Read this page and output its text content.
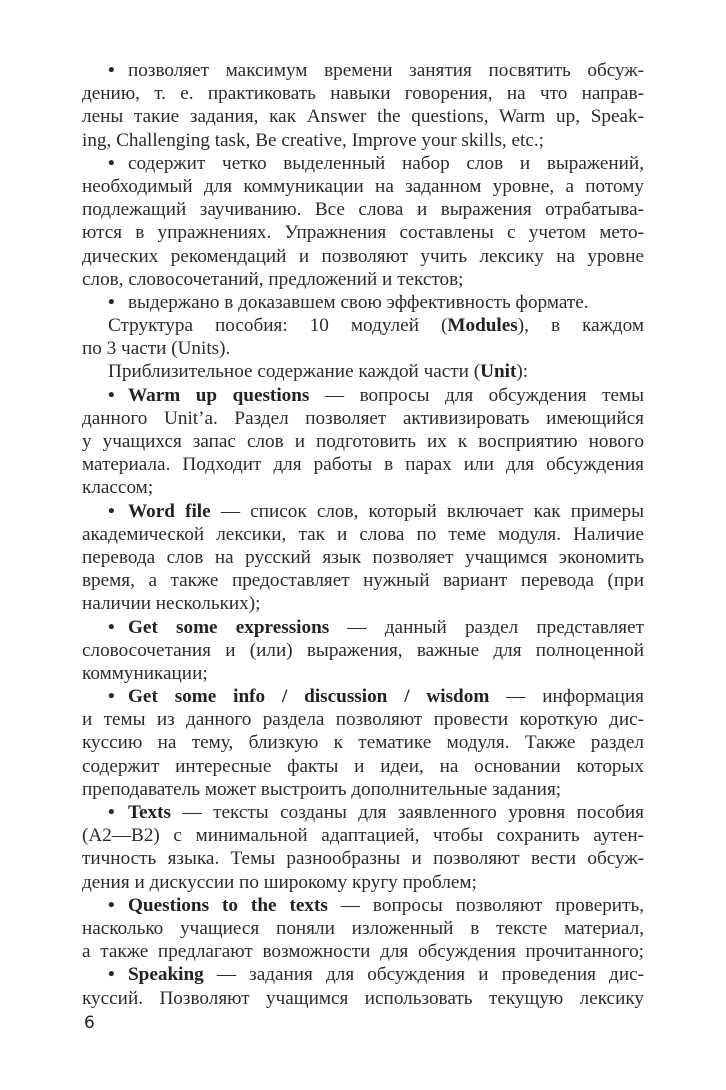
• позволяет максимум времени занятия посвятить обсуж-
дению, т. е. практиковать навыки говорения, на что направ-
лены такие задания, как Answer the questions, Warm up, Speak-
ing, Challenging task, Be creative, Improve your skills, etc.;
• содержит четко выделенный набор слов и выражений,
необходимый для коммуникации на заданном уровне, а потому
подлежащий заучиванию. Все слова и выражения отрабатыва-
ются в упражнениях. Упражнения составлены с учетом мето-
дических рекомендаций и позволяют учить лексику на уровне
слов, словосочетаний, предложений и текстов;
• выдержано в доказавшем свою эффективность формате.
Структура пособия: 10 модулей (Modules), в каждом
по 3 части (Units).
Приблизительное содержание каждой части (Unit):
• Warm up questions — вопросы для обсуждения темы
данного Unit’a. Раздел позволяет активизировать имеющийся
у учащихся запас слов и подготовить их к восприятию нового
материала. Подходит для работы в парах или для обсуждения
классом;
• Word file — список слов, который включает как примеры
академической лексики, так и слова по теме модуля. Наличие
перевода слов на русский язык позволяет учащимся экономить
время, а также предоставляет нужный вариант перевода (при
наличии нескольких);
• Get some expressions — данный раздел представляет
словосочетания и (или) выражения, важные для полноценной
коммуникации;
• Get some info / discussion / wisdom — информация
и темы из данного раздела позволяют провести короткую дис-
куссию на тему, близкую к тематике модуля. Также раздел
содержит интересные факты и идеи, на основании которых
преподаватель может выстроить дополнительные задания;
• Texts — тексты созданы для заявленного уровня пособия
(A2—B2) с минимальной адаптацией, чтобы сохранить аутен-
тичность языка. Темы разнообразны и позволяют вести обсуж-
дения и дискуссии по широкому кругу проблем;
• Questions to the texts — вопросы позволяют проверить,
насколько учащиеся поняли изложенный в тексте материал,
а также предлагают возможности для обсуждения прочитанного;
• Speaking — задания для обсуждения и проведения дис-
куссий. Позволяют учащимся использовать текущую лексику
6
